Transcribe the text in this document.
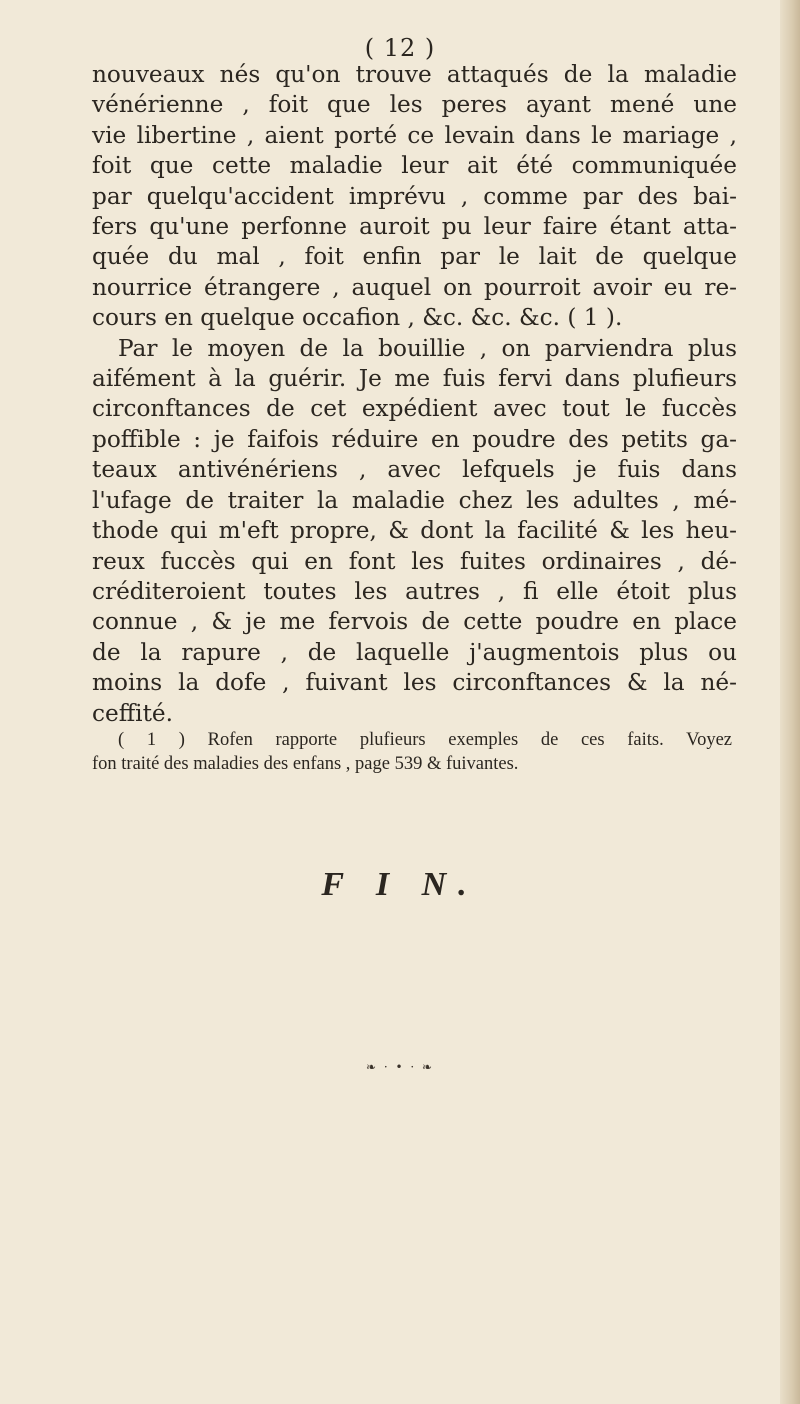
( 12 )
nouveaux nés qu'on trouve attaqués de la maladie
vénérienne , foit que les peres ayant mené une
vie libertine , aient porté ce levain dans le mariage ,
foit que cette maladie leur ait été communiquée
par quelqu'accident imprévu , comme par des bai-
fers qu'une perfonne auroit pu leur faire étant atta-
quée du mal , foit enfin par le lait de quelque
nourrice étrangere , auquel on pourroit avoir eu re-
cours en quelque occafion , &c. &c. &c. ( 1 ).
Par le moyen de la bouillie , on parviendra plus
aifément à la guérir. Je me fuis fervi dans plufieurs
circonftances de cet expédient avec tout le fuccès
poffible : je faifois réduire en poudre des petits ga-
teaux antivénériens , avec lefquels je fuis dans
l'ufage de traiter la maladie chez les adultes , mé-
thode qui m'eft propre, & dont la facilité & les heu-
reux fuccès qui en font les fuites ordinaires , dé-
créditeroient toutes les autres , fi elle étoit plus
connue , & je me fervois de cette poudre en place
de la rapure , de laquelle j'augmentois plus ou
moins la dofe , fuivant les circonftances & la né-
ceffité.
( 1 ) Rofen rapporte plufieurs exemples de ces faits. Voyez
fon traité des maladies des enfans , page 539 & fuivantes.
F I N.
❧ · • · ❧
